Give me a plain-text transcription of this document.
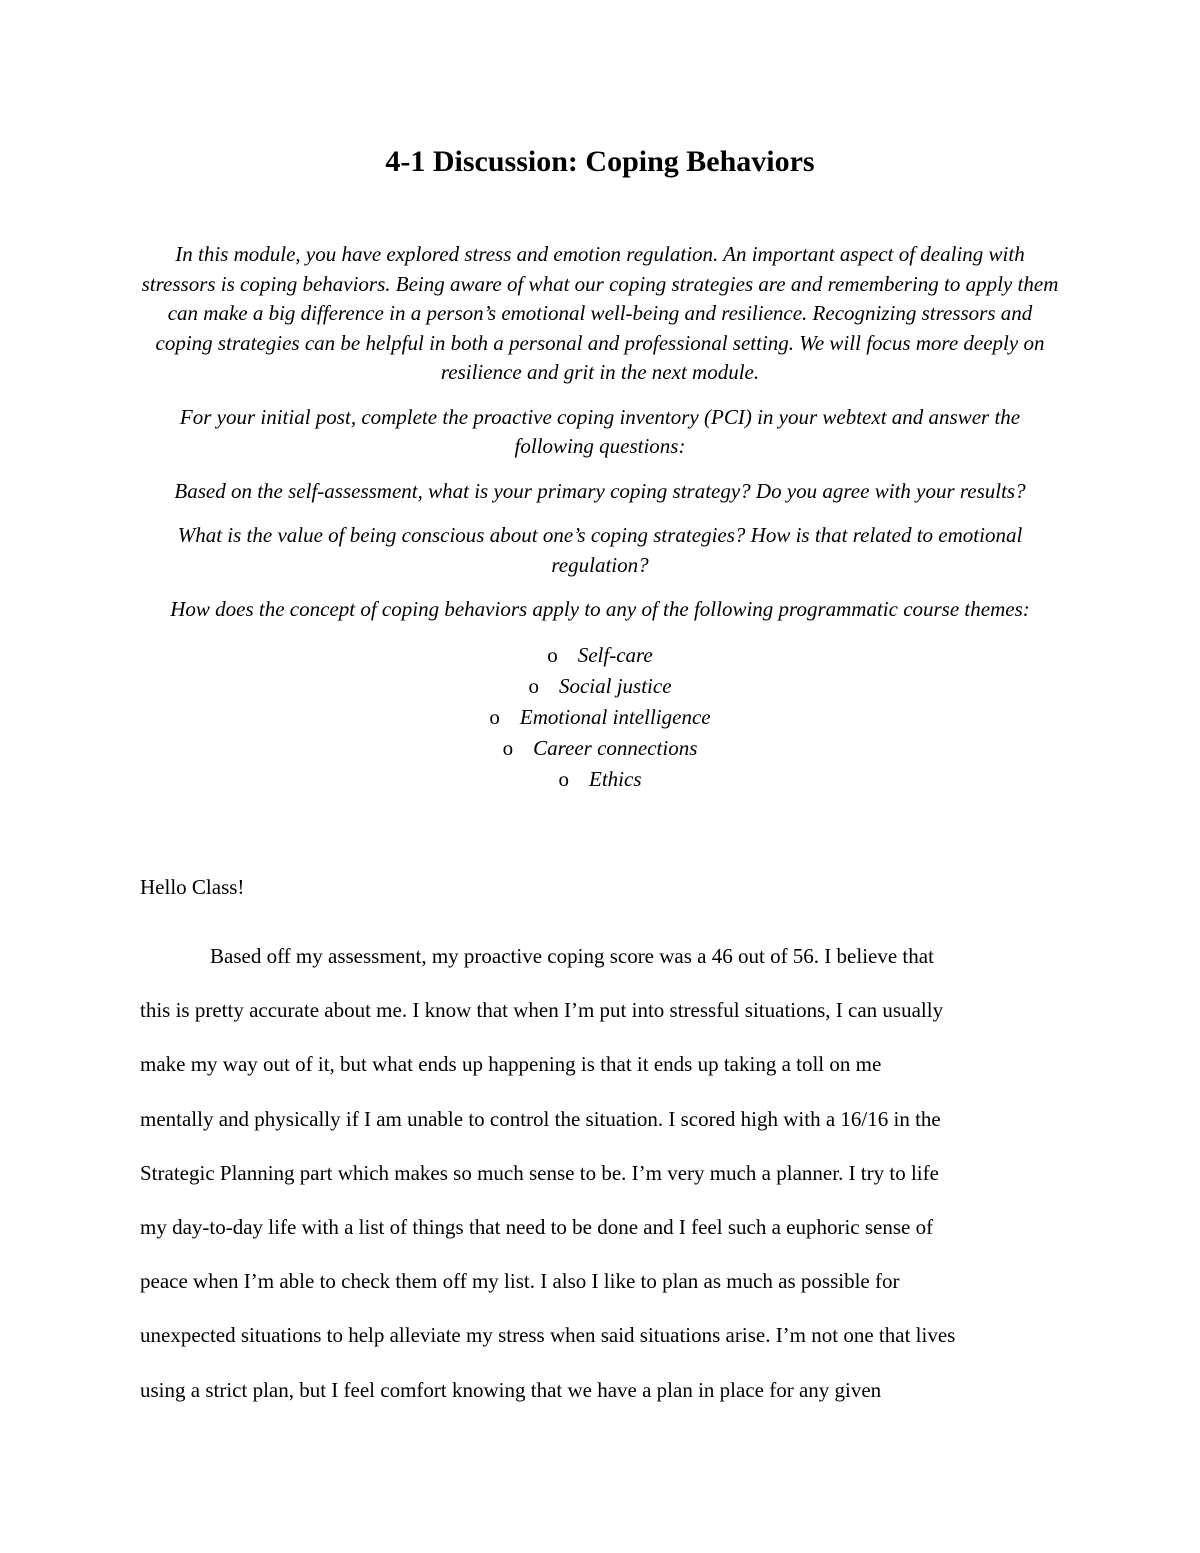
4-1 Discussion: Coping Behaviors

In this module, you have explored stress and emotion regulation. An important aspect of dealing with stressors is coping behaviors. Being aware of what our coping strategies are and remembering to apply them can make a big difference in a person’s emotional well-being and resilience. Recognizing stressors and coping strategies can be helpful in both a personal and professional setting. We will focus more deeply on resilience and grit in the next module.

For your initial post, complete the proactive coping inventory (PCI) in your webtext and answer the following questions:

Based on the self-assessment, what is your primary coping strategy? Do you agree with your results?

What is the value of being conscious about one’s coping strategies? How is that related to emotional regulation?

How does the concept of coping behaviors apply to any of the following programmatic course themes:

o Self-care
o Social justice
o Emotional intelligence
o Career connections
o Ethics

Hello Class!

Based off my assessment, my proactive coping score was a 46 out of 56. I believe that
this is pretty accurate about me. I know that when I’m put into stressful situations, I can usually
make my way out of it, but what ends up happening is that it ends up taking a toll on me
mentally and physically if I am unable to control the situation. I scored high with a 16/16 in the
Strategic Planning part which makes so much sense to be. I’m very much a planner. I try to life
my day-to-day life with a list of things that need to be done and I feel such a euphoric sense of
peace when I’m able to check them off my list. I also I like to plan as much as possible for
unexpected situations to help alleviate my stress when said situations arise. I’m not one that lives
using a strict plan, but I feel comfort knowing that we have a plan in place for any given
